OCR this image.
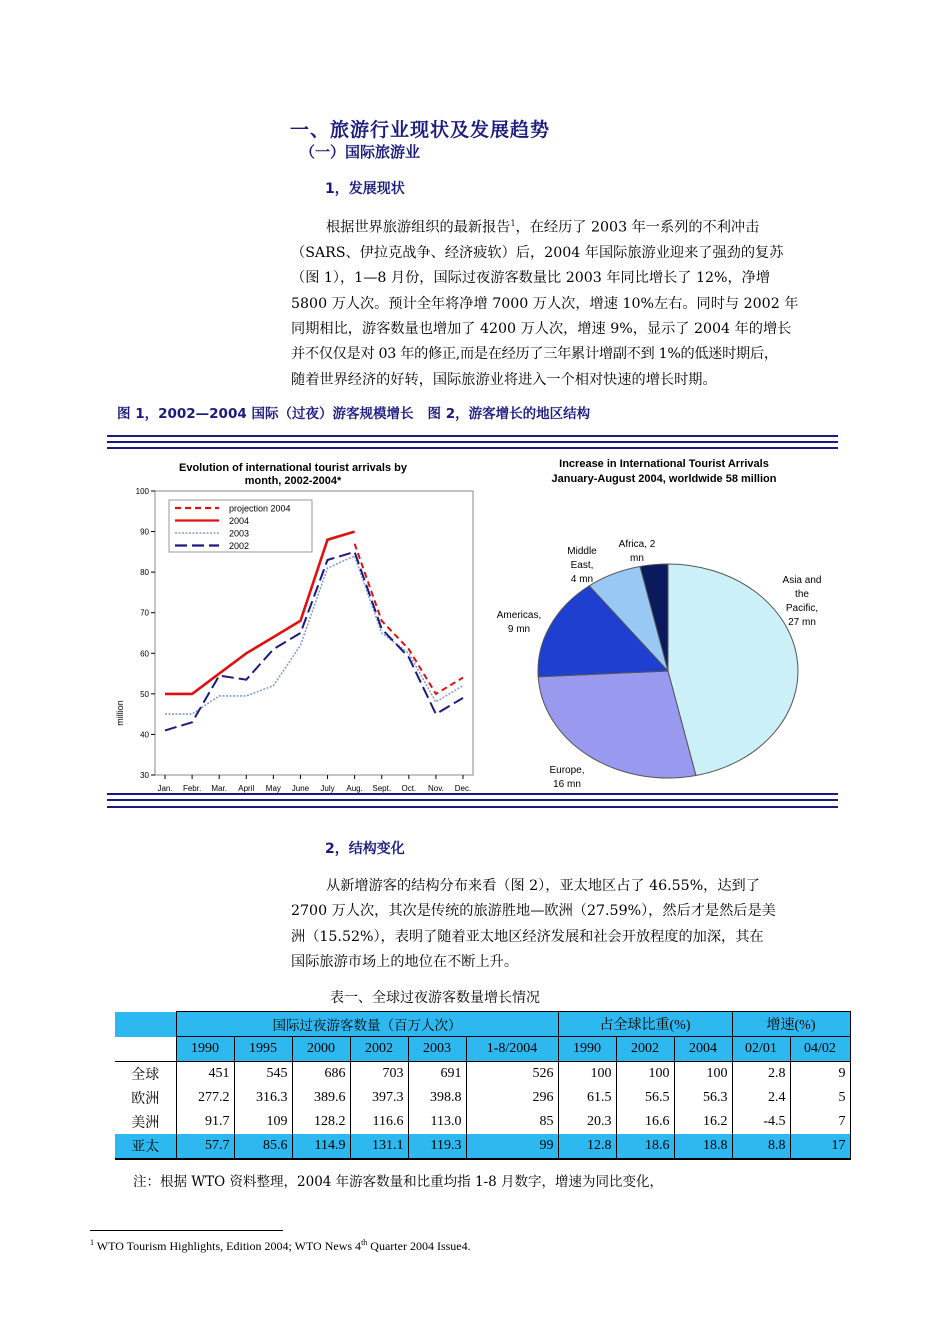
一、旅游行业现状及发展趋势
（一）国际旅游业
1，发展现状

根据世界旅游组织的最新报告$^1$，在经历了 2003 年一系列的不利冲击

（SARS、伊拉克战争、经济疲软）后，2004 年国际旅游业迎来了强劲的复苏

（图 1），1—8 月份，国际过夜游客数量比 2003 年同比增长了 12%，净增

5800 万人次。预计全年将净增 7000 万人次，增速 10%左右。同时与 2002 年

同期相比，游客数量也增加了 4200 万人次，增速 9%，显示了 2004 年的增长

并不仅仅是对 03 年的修正,而是在经历了三年累计增副不到 1%的低迷时期后，

随着世界经济的好转，国际旅游业将进入一个相对快速的增长时期。

图 1，2002—2004 国际（过夜）游客规模增长   图 2，游客增长的地区结构
Evolution of international tourist arrivals by
month, 2002-2004*
100
90
80
70
60
50
40
30
Jan. Febr. Mar. April May June July Aug. Sept. Oct. Nov. Dec.
million
projection 2004
2004
2003
2002
Increase in International Tourist Arrivals
January-August 2004, worldwide 58 million
Asia and
the
Pacific,
27 mn
Europe,
16 mn
Americas,
9 mn
Middle
East,
4 mn
Africa, 2
mn
2，结构变化

从新增游客的结构分布来看（图 2），亚太地区占了 46.55%，达到了

2700 万人次，其次是传统的旅游胜地—欧洲（27.59%），然后才是然后是美

洲（15.52%），表明了随着亚太地区经济发展和社会开放程度的加深，其在

国际旅游市场上的地位在不断上升。

表一、全球过夜游客数量增长情况
	国际过夜游客数量（百万人次）						占全球比重(%)			增速(%)	
	1990	1995	2000	2002	2003	1-8/2004	1990	2002	2004	02/01	04/02
全球	451	545	686	703	691	526	100	100	100	2.8	9
欧洲	277.2	316.3	389.6	397.3	398.8	296	61.5	56.5	56.3	2.4	5
美洲	91.7	109	128.2	116.6	113.0	85	20.3	16.6	16.2	-4.5	7
亚太	57.7	85.6	114.9	131.1	119.3	99	12.8	18.6	18.8	8.8	17
注：根据 WTO 资料整理，2004 年游客数量和比重均指 1-8 月数字，增速为同比变化，
$^1$ WTO Tourism Highlights, Edition 2004; WTO News 4th Quarter 2004 Issue4.
